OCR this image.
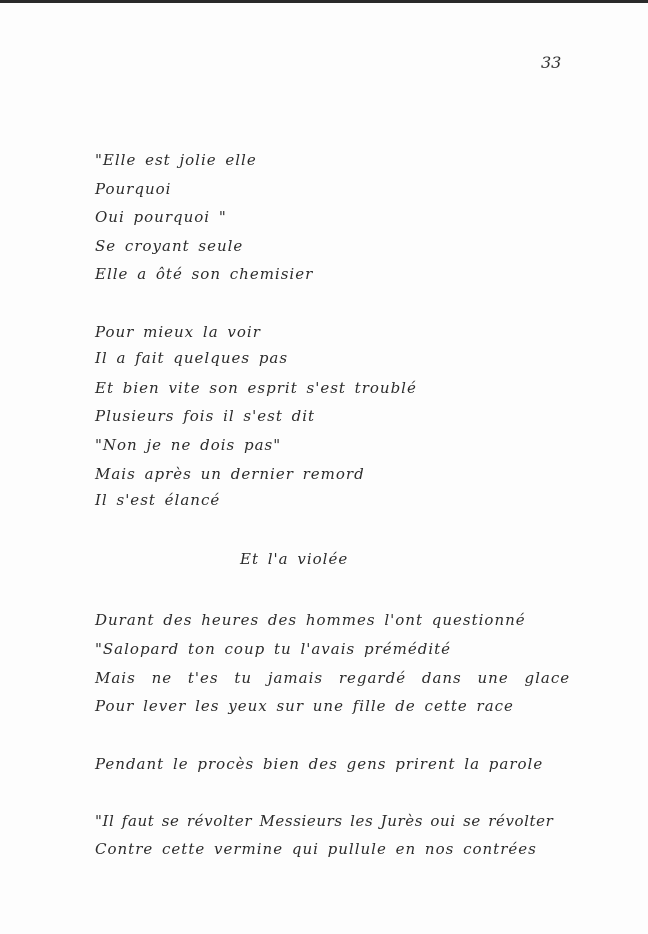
33
"Elle est jolie elle
Pourquoi
Oui pourquoi "
Se croyant seule
Elle a ôté son chemisier
Pour mieux la voir
Il a fait quelques pas
Et bien vite son esprit s'est troublé
Plusieurs fois il s'est dit
"Non je ne dois pas"
Mais après un dernier remord
Il s'est élancé
Et l'a violée
Durant des heures des hommes l'ont questionné
"Salopard ton coup tu l'avais prémédité
Mais ne t'es tu jamais regardé dans une glace
Pour lever les yeux sur une fille de cette race
Pendant le procès bien des gens prirent la parole
"Il faut se révolter Messieurs les Jurès oui se révolter
Contre cette vermine qui pullule en nos contrées
